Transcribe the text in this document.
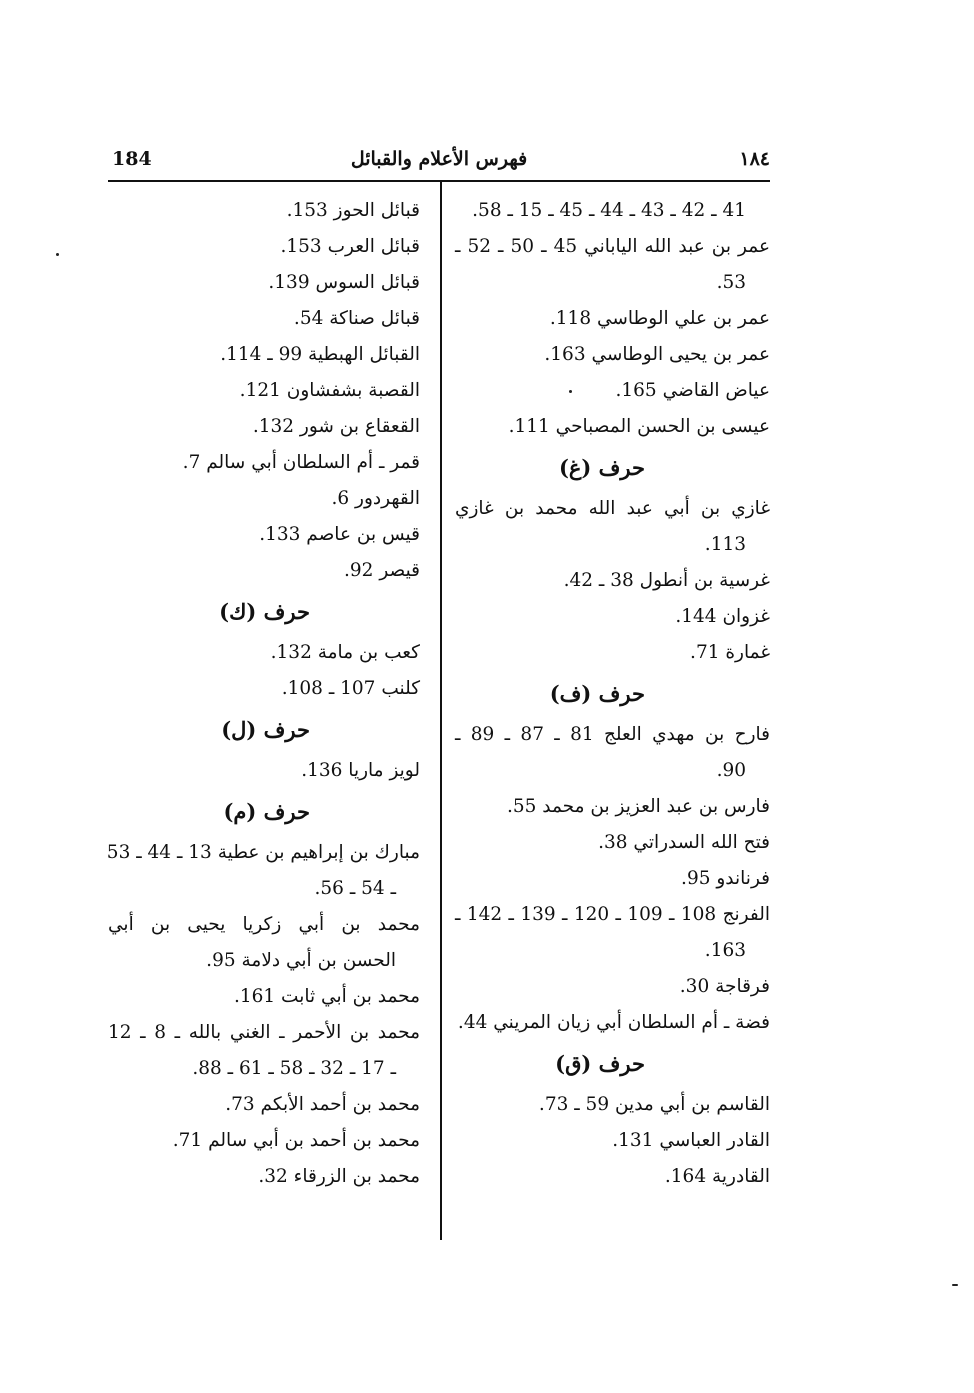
184	فهرس الأعلام والقبائل	١٨٤
41 ـ 42 ـ 43 ـ 44 ـ 45 ـ 15 ـ 58.
عمر بن عبد الله الياباني 45 ـ 50 ـ 52 ـ
53.
عمر بن علي الوطاسي 118.
عمر بن يحيى الوطاسي 163.
عياض القاضي 165.
عيسى بن الحسن المصباحي 111.
حرف (غ)
غازي بن أبي عبد الله محمد بن غازي
113.
غرسية بن أنطول 38 ـ 42.
غزوان 144.
غمارة 71.
حرف (ف)
فارح بن مهدي العلج 81 ـ 87 ـ 89 ـ
90.
فارس بن عبد العزيز بن محمد 55.
فتح الله السدراتي 38.
فرناندو 95.
الفرنج 108 ـ 109 ـ 120 ـ 139 ـ 142 ـ
163.
فرقاجة 30.
فضة ـ أم السلطان أبي زيان المريني 44.
حرف (ق)
القاسم بن أبي مدين 59 ـ 73.
القادر العباسي 131.
القادرية 164.
قبائل الحوز 153.
قبائل العرب 153.
قبائل السوس 139.
قبائل صناكة 54.
القبائل الهبطية 99 ـ 114.
القصبة بشفشاون 121.
القعقاع بن شور 132.
قمر ـ أم السلطان أبي سالم 7.
القهردور 6.
قيس بن عاصم 133.
قيصر 92.
حرف (ك)
كعب بن مامة 132.
كلنب 107 ـ 108.
حرف (ل)
لويز ماريا 136.
حرف (م)
مبارك بن إبراهيم بن عطية 13 ـ 44 ـ 53
ـ 54 ـ 56.
محمد بن أبي زكريا يحيى بن أبي
الحسن بن أبي دلامة 95.
محمد بن أبي ثابت 161.
محمد بن الأحمر ـ الغني بالله ـ 8 ـ 12
ـ 17 ـ 32 ـ 58 ـ 61 ـ 88.
محمد بن أحمد الأبكم 73.
محمد بن أحمد بن أبي سالم 71.
محمد بن الزرقاء 32.
